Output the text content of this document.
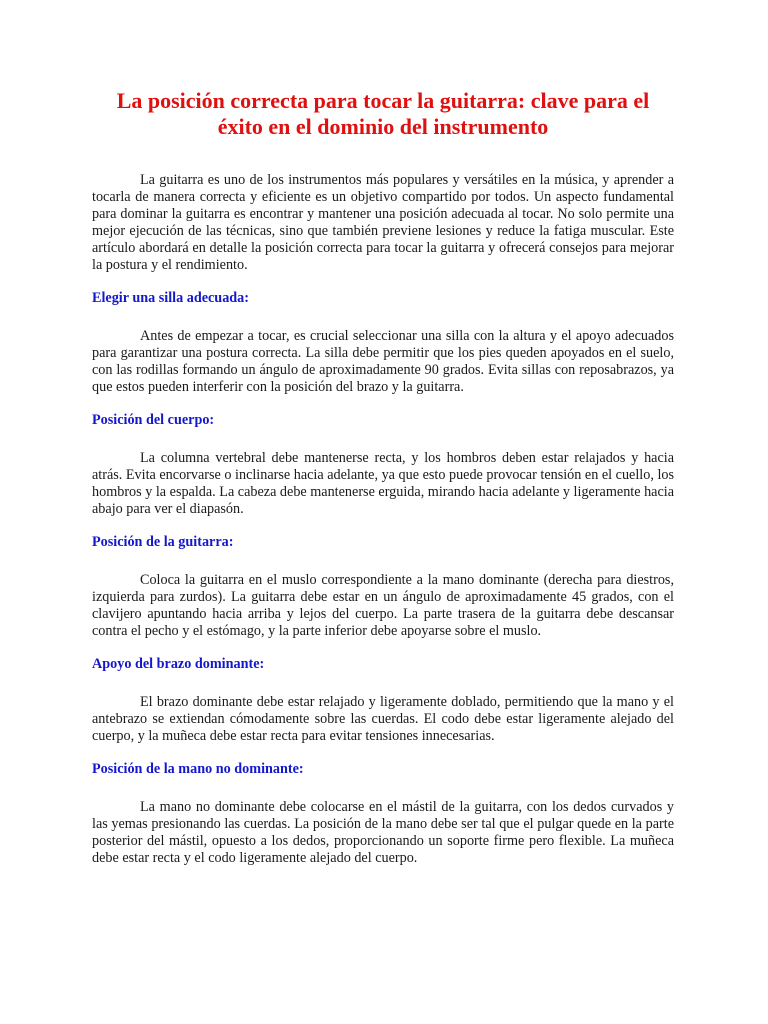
La posición correcta para tocar la guitarra: clave para el éxito en el dominio del instrumento

La guitarra es uno de los instrumentos más populares y versátiles en la música, y aprender a tocarla de manera correcta y eficiente es un objetivo compartido por todos. Un aspecto fundamental para dominar la guitarra es encontrar y mantener una posición adecuada al tocar. No solo permite una mejor ejecución de las técnicas, sino que también previene lesiones y reduce la fatiga muscular. Este artículo abordará en detalle la posición correcta para tocar la guitarra y ofrecerá consejos para mejorar la postura y el rendimiento.

Elegir una silla adecuada:

Antes de empezar a tocar, es crucial seleccionar una silla con la altura y el apoyo adecuados para garantizar una postura correcta. La silla debe permitir que los pies queden apoyados en el suelo, con las rodillas formando un ángulo de aproximadamente 90 grados. Evita sillas con reposabrazos, ya que estos pueden interferir con la posición del brazo y la guitarra.

Posición del cuerpo:

La columna vertebral debe mantenerse recta, y los hombros deben estar relajados y hacia atrás. Evita encorvarse o inclinarse hacia adelante, ya que esto puede provocar tensión en el cuello, los hombros y la espalda. La cabeza debe mantenerse erguida, mirando hacia adelante y ligeramente hacia abajo para ver el diapasón.

Posición de la guitarra:

Coloca la guitarra en el muslo correspondiente a la mano dominante (derecha para diestros, izquierda para zurdos). La guitarra debe estar en un ángulo de aproximadamente 45 grados, con el clavijero apuntando hacia arriba y lejos del cuerpo. La parte trasera de la guitarra debe descansar contra el pecho y el estómago, y la parte inferior debe apoyarse sobre el muslo.

Apoyo del brazo dominante:

El brazo dominante debe estar relajado y ligeramente doblado, permitiendo que la mano y el antebrazo se extiendan cómodamente sobre las cuerdas. El codo debe estar ligeramente alejado del cuerpo, y la muñeca debe estar recta para evitar tensiones innecesarias.

Posición de la mano no dominante:

La mano no dominante debe colocarse en el mástil de la guitarra, con los dedos curvados y las yemas presionando las cuerdas. La posición de la mano debe ser tal que el pulgar quede en la parte posterior del mástil, opuesto a los dedos, proporcionando un soporte firme pero flexible. La muñeca debe estar recta y el codo ligeramente alejado del cuerpo.
